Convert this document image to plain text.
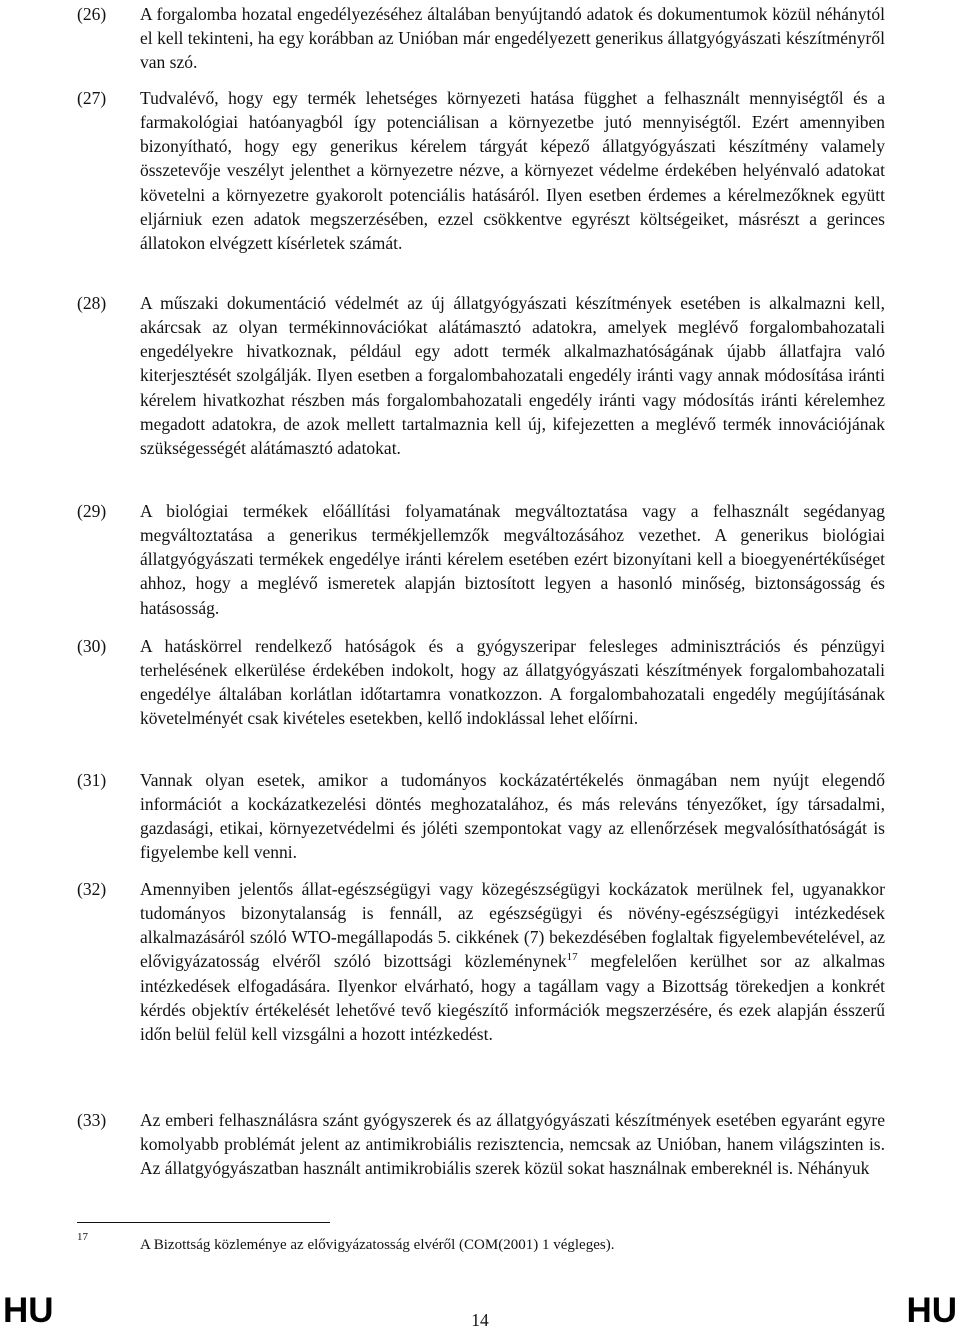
(26) A forgalomba hozatal engedélyezéséhez általában benyújtandó adatok és dokumentumok közül néhánytól el kell tekinteni, ha egy korábban az Unióban már engedélyezett generikus állatgyógyászati készítményről van szó.
(27) Tudvalévő, hogy egy termék lehetséges környezeti hatása függhet a felhasznált mennyiségtől és a farmakológiai hatóanyagból így potenciálisan a környezetbe jutó mennyiségtől. Ezért amennyiben bizonyítható, hogy egy generikus kérelem tárgyát képező állatgyógyászati készítmény valamely összetevője veszélyt jelenthet a környezetre nézve, a környezet védelme érdekében helyénvaló adatokat követelni a környezetre gyakorolt potenciális hatásáról. Ilyen esetben érdemes a kérelmezőknek együtt eljárniuk ezen adatok megszerzésében, ezzel csökkentve egyrészt költségeiket, másrészt a gerinces állatokon elvégzett kísérletek számát.
(28) A műszaki dokumentáció védelmét az új állatgyógyászati készítmények esetében is alkalmazni kell, akárcsak az olyan termékinnovációkat alátámasztó adatokra, amelyek meglévő forgalombahozatali engedélyekre hivatkoznak, például egy adott termék alkalmazhatóságának újabb állatfajra való kiterjesztését szolgálják. Ilyen esetben a forgalombahozatali engedély iránti vagy annak módosítása iránti kérelem hivatkozhat részben más forgalombahozatali engedély iránti vagy módosítás iránti kérelemhez megadott adatokra, de azok mellett tartalmaznia kell új, kifejezetten a meglévő termék innovációjának szükségességét alátámasztó adatokat.
(29) A biológiai termékek előállítási folyamatának megváltoztatása vagy a felhasznált segédanyag megváltoztatása a generikus termékjellemzők megváltozásához vezethet. A generikus biológiai állatgyógyászati termékek engedélye iránti kérelem esetében ezért bizonyítani kell a bioegyenértékűséget ahhoz, hogy a meglévő ismeretek alapján biztosított legyen a hasonló minőség, biztonságosság és hatásosság.
(30) A hatáskörrel rendelkező hatóságok és a gyógyszeripar felesleges adminisztrációs és pénzügyi terhelésének elkerülése érdekében indokolt, hogy az állatgyógyászati készítmények forgalombahozatali engedélye általában korlátlan időtartamra vonatkozzon. A forgalombahozatali engedély megújításának követelményét csak kivételes esetekben, kellő indoklással lehet előírni.
(31) Vannak olyan esetek, amikor a tudományos kockázatértékelés önmagában nem nyújt elegendő információt a kockázatkezelési döntés meghozatalához, és más releváns tényezőket, így társadalmi, gazdasági, etikai, környezetvédelmi és jóléti szempontokat vagy az ellenőrzések megvalósíthatóságát is figyelembe kell venni.
(32) Amennyiben jelentős állat-egészségügyi vagy közegészségügyi kockázatok merülnek fel, ugyanakkor tudományos bizonytalanság is fennáll, az egészségügyi és növény-egészségügyi intézkedések alkalmazásáról szóló WTO-megállapodás 5. cikkének (7) bekezdésében foglaltak figyelembevételével, az elővigyázatosság elvéről szóló bizottsági közleménynek$^{17}$ megfelelően kerülhet sor az alkalmas intézkedések elfogadására. Ilyenkor elvárható, hogy a tagállam vagy a Bizottság törekedjen a konkrét kérdés objektív értékelését lehetővé tevő kiegészítő információk megszerzésére, és ezek alapján ésszerű időn belül felül kell vizsgálni a hozott intézkedést.
(33) Az emberi felhasználásra szánt gyógyszerek és az állatgyógyászati készítmények esetében egyaránt egyre komolyabb problémát jelent az antimikrobiális rezisztencia, nemcsak az Unióban, hanem világszinten is. Az állatgyógyászatban használt antimikrobiális szerek közül sokat használnak embereknél is. Néhányuk
17	A Bizottság közleménye az elővigyázatosság elvéről (COM(2001) 1 végleges).
HU	14	HU
